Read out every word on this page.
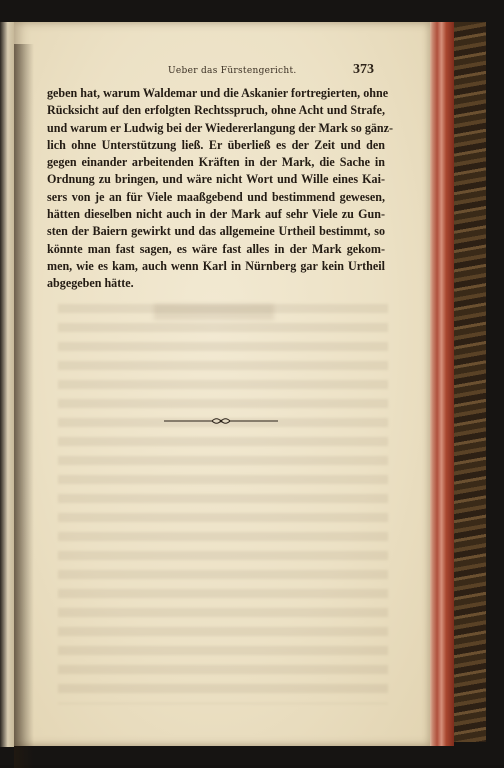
Ueber das Fürstengericht.	373
geben hat, warum Waldemar und die Askanier fortregierten, ohne
Rücksicht auf den erfolgten Rechtsspruch, ohne Acht und Strafe,
und warum er Ludwig bei der Wiedererlangung der Mark so gänz-
lich ohne Unterstützung ließ. Er überließ es der Zeit und den
gegen einander arbeitenden Kräften in der Mark, die Sache in
Ordnung zu bringen, und wäre nicht Wort und Wille eines Kai-
sers von je an für Viele maaßgebend und bestimmend gewesen,
hätten dieselben nicht auch in der Mark auf sehr Viele zu Gun-
sten der Baiern gewirkt und das allgemeine Urtheil bestimmt, so
könnte man fast sagen, es wäre fast alles in der Mark gekom-
men, wie es kam, auch wenn Karl in Nürnberg gar kein Urtheil
abgegeben hätte.
